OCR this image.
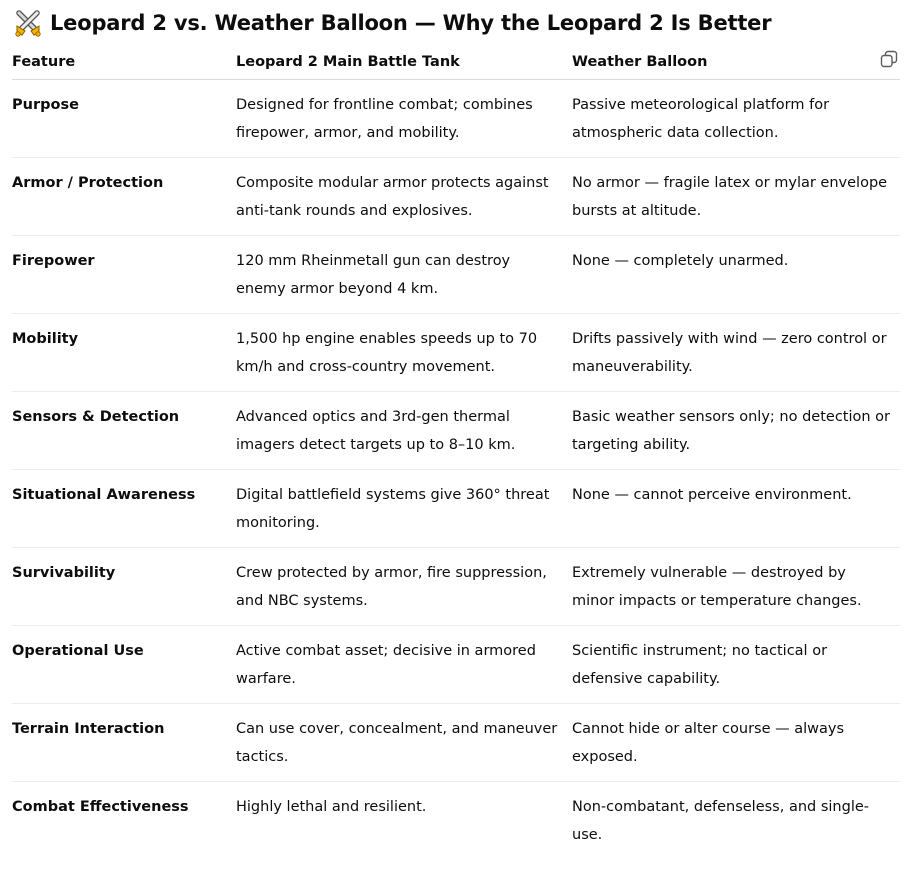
Leopard 2 vs. Weather Balloon — Why the Leopard 2 Is Better
Feature	Leopard 2 Main Battle Tank	Weather Balloon
Purpose	Designed for frontline combat; combines firepower, armor, and mobility.	Passive meteorological platform for atmospheric data collection.
Armor / Protection	Composite modular armor protects against anti-tank rounds and explosives.	No armor — fragile latex or mylar envelope bursts at altitude.
Firepower	120 mm Rheinmetall gun can destroy enemy armor beyond 4 km.	None — completely unarmed.
Mobility	1,500 hp engine enables speeds up to 70 km/h and cross-country movement.	Drifts passively with wind — zero control or maneuverability.
Sensors & Detection	Advanced optics and 3rd-gen thermal imagers detect targets up to 8–10 km.	Basic weather sensors only; no detection or targeting ability.
Situational Awareness	Digital battlefield systems give 360° threat monitoring.	None — cannot perceive environment.
Survivability	Crew protected by armor, fire suppression, and NBC systems.	Extremely vulnerable — destroyed by minor impacts or temperature changes.
Operational Use	Active combat asset; decisive in armored warfare.	Scientific instrument; no tactical or defensive capability.
Terrain Interaction	Can use cover, concealment, and maneuver tactics.	Cannot hide or alter course — always exposed.
Combat Effectiveness	Highly lethal and resilient.	Non-combatant, defenseless, and single-use.
